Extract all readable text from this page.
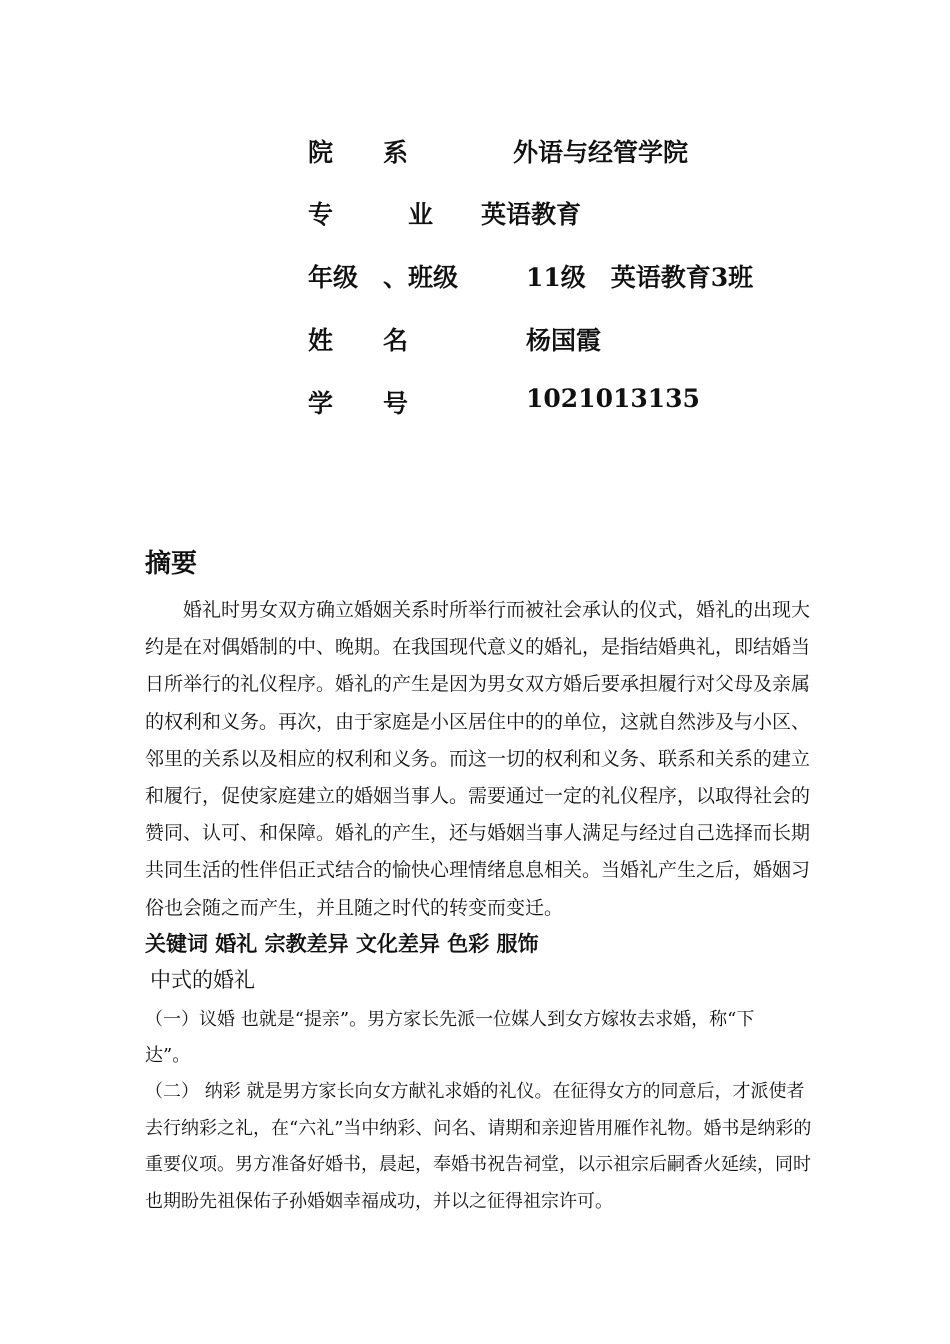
院　　系	外语与经管学院
专　　　业 英语教育
年级　、班级	11级　英语教育3班
姓　　名	杨国霞
学　　号	1021013135
摘要

婚礼时男女双方确立婚姻关系时所举行而被社会承认的仪式，婚礼的出现大约是在对偶婚制的中、晚期。在我国现代意义的婚礼，是指结婚典礼，即结婚当日所举行的礼仪程序。婚礼的产生是因为男女双方婚后要承担履行对父母及亲属的权利和义务。再次，由于家庭是小区居住中的的单位，这就自然涉及与小区、邻里的关系以及相应的权利和义务。而这一切的权利和义务、联系和关系的建立和履行，促使家庭建立的婚姻当事人。需要通过一定的礼仪程序，以取得社会的赞同、认可、和保障。婚礼的产生，还与婚姻当事人满足与经过自己选择而长期共同生活的性伴侣正式结合的愉快心理情绪息息相关。当婚礼产生之后，婚姻习俗也会随之而产生，并且随之时代的转变而变迁。

关键词 婚礼 宗教差异 文化差异 色彩 服饰
中式的婚礼

（一）议婚 也就是“提亲”。男方家长先派一位媒人到女方嫁妆去求婚，称“下　　达”。

（二） 纳彩 就是男方家长向女方献礼求婚的礼仪。在征得女方的同意后，才派使者去行纳彩之礼，在“六礼”当中纳彩、问名、请期和亲迎皆用雁作礼物。婚书是纳彩的重要仪项。男方准备好婚书，晨起，奉婚书祝告祠堂，以示祖宗后嗣香火延续，同时也期盼先祖保佑子孙婚姻幸福成功，并以之征得祖宗许可。
